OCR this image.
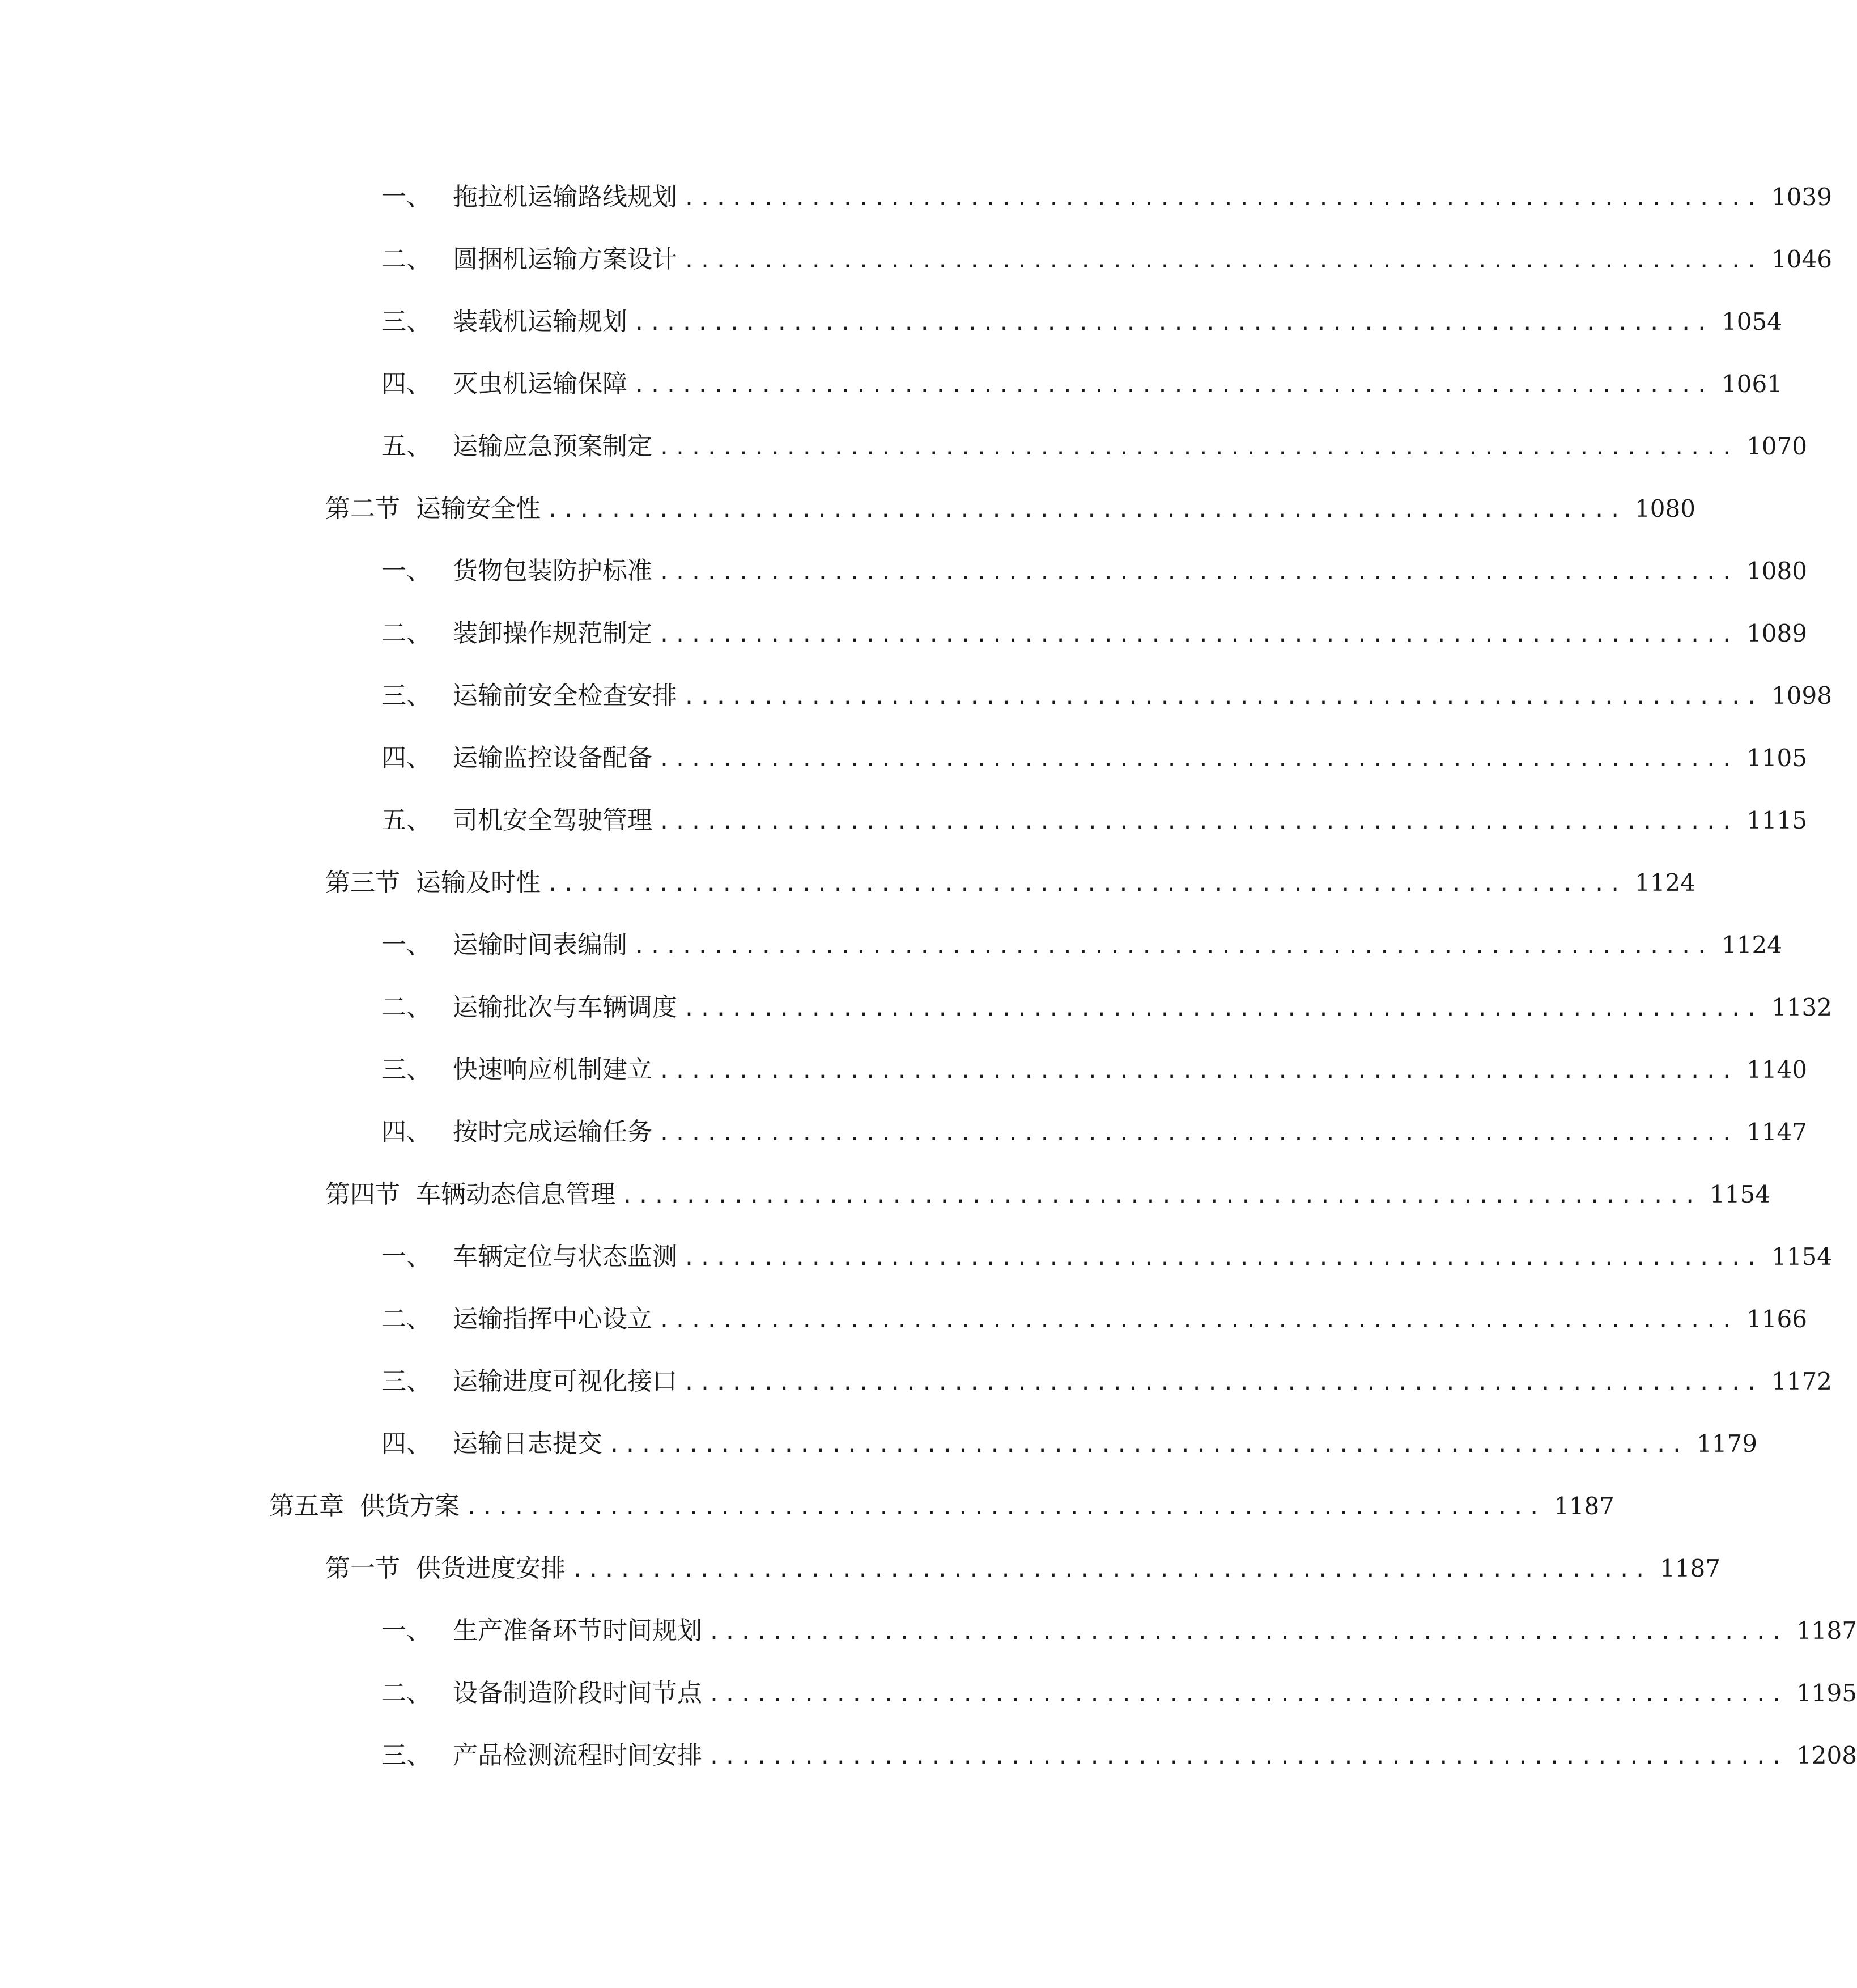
一、 拖拉机运输路线规划 .................................................................... 1039
二、 圆捆机运输方案设计 .................................................................... 1046
三、 装载机运输规划 .................................................................... 1054
四、 灭虫机运输保障 .................................................................... 1061
五、 运输应急预案制定 .................................................................... 1070
第二节 运输安全性 .................................................................... 1080
一、 货物包装防护标准 .................................................................... 1080
二、 装卸操作规范制定 .................................................................... 1089
三、 运输前安全检查安排 .................................................................... 1098
四、 运输监控设备配备 .................................................................... 1105
五、 司机安全驾驶管理 .................................................................... 1115
第三节 运输及时性 .................................................................... 1124
一、 运输时间表编制 .................................................................... 1124
二、 运输批次与车辆调度 .................................................................... 1132
三、 快速响应机制建立 .................................................................... 1140
四、 按时完成运输任务 .................................................................... 1147
第四节 车辆动态信息管理 .................................................................... 1154
一、 车辆定位与状态监测 .................................................................... 1154
二、 运输指挥中心设立 .................................................................... 1166
三、 运输进度可视化接口 .................................................................... 1172
四、 运输日志提交 .................................................................... 1179
第五章 供货方案 .................................................................... 1187
第一节 供货进度安排 .................................................................... 1187
一、 生产准备环节时间规划 .................................................................... 1187
二、 设备制造阶段时间节点 .................................................................... 1195
三、 产品检测流程时间安排 .................................................................... 1208
